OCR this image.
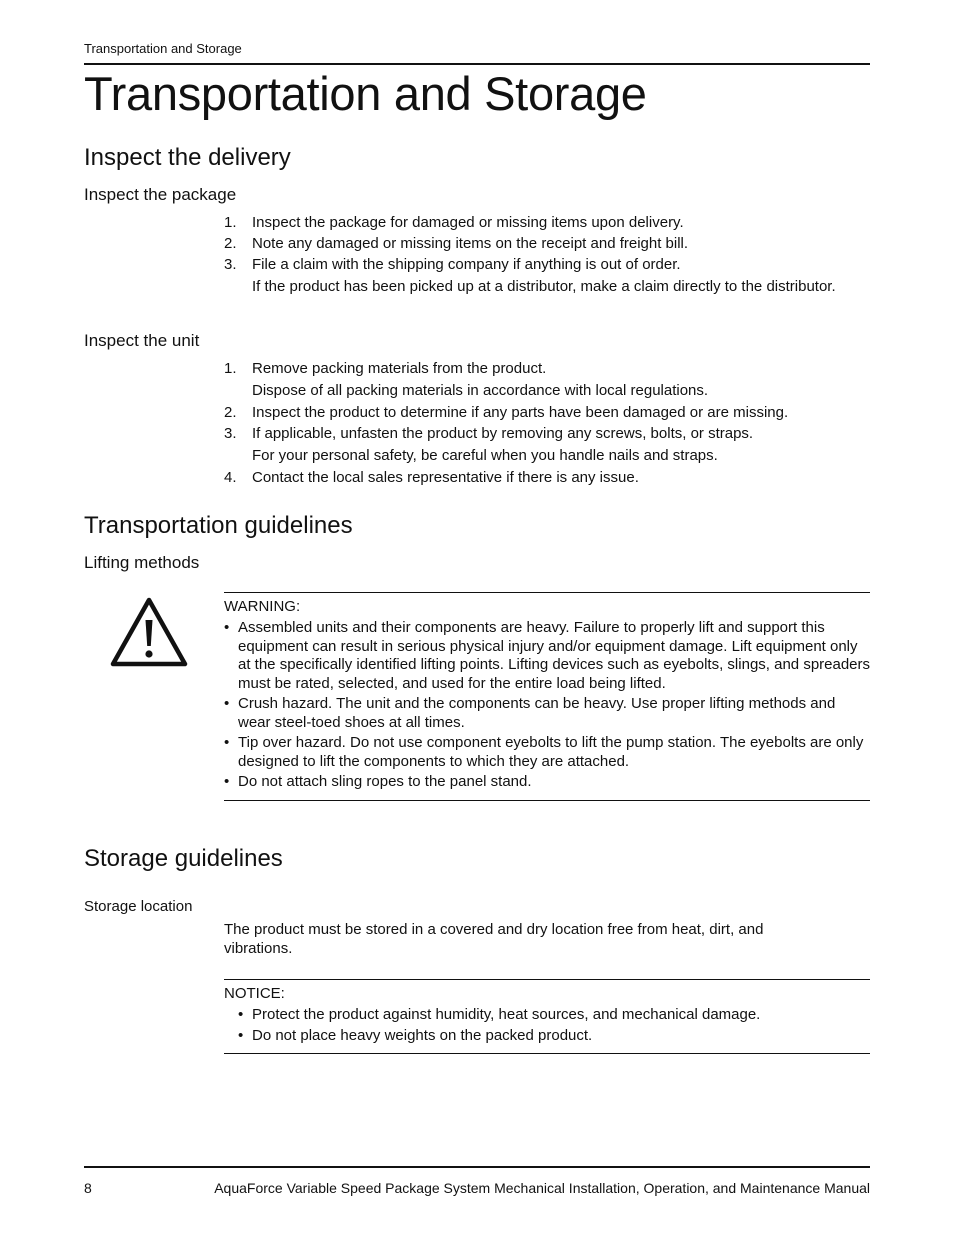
Transportation and Storage
Transportation and Storage
Inspect the delivery
Inspect the package
1. Inspect the package for damaged or missing items upon delivery.
2. Note any damaged or missing items on the receipt and freight bill.
3. File a claim with the shipping company if anything is out of order.
If the product has been picked up at a distributor, make a claim directly to the distributor.
Inspect the unit
1. Remove packing materials from the product.
Dispose of all packing materials in accordance with local regulations.
2. Inspect the product to determine if any parts have been damaged or are missing.
3. If applicable, unfasten the product by removing any screws, bolts, or straps.
For your personal safety, be careful when you handle nails and straps.
4. Contact the local sales representative if there is any issue.
Transportation guidelines
Lifting methods

WARNING:

• Assembled units and their components are heavy. Failure to properly lift and support this equipment can result in serious physical injury and/or equipment damage. Lift equipment only at the specifically identified lifting points. Lifting devices such as eyebolts, slings, and spreaders must be rated, selected, and used for the entire load being lifted.
• Crush hazard. The unit and the components can be heavy. Use proper lifting methods and wear steel-toed shoes at all times.
• Tip over hazard. Do not use component eyebolts to lift the pump station. The eyebolts are only designed to lift the components to which they are attached.
• Do not attach sling ropes to the panel stand.
Storage guidelines
Storage location

The product must be stored in a covered and dry location free from heat, dirt, and vibrations.

NOTICE:

• Protect the product against humidity, heat sources, and mechanical damage.
• Do not place heavy weights on the packed product.
8	AquaForce Variable Speed Package System Mechanical Installation, Operation, and Maintenance Manual
